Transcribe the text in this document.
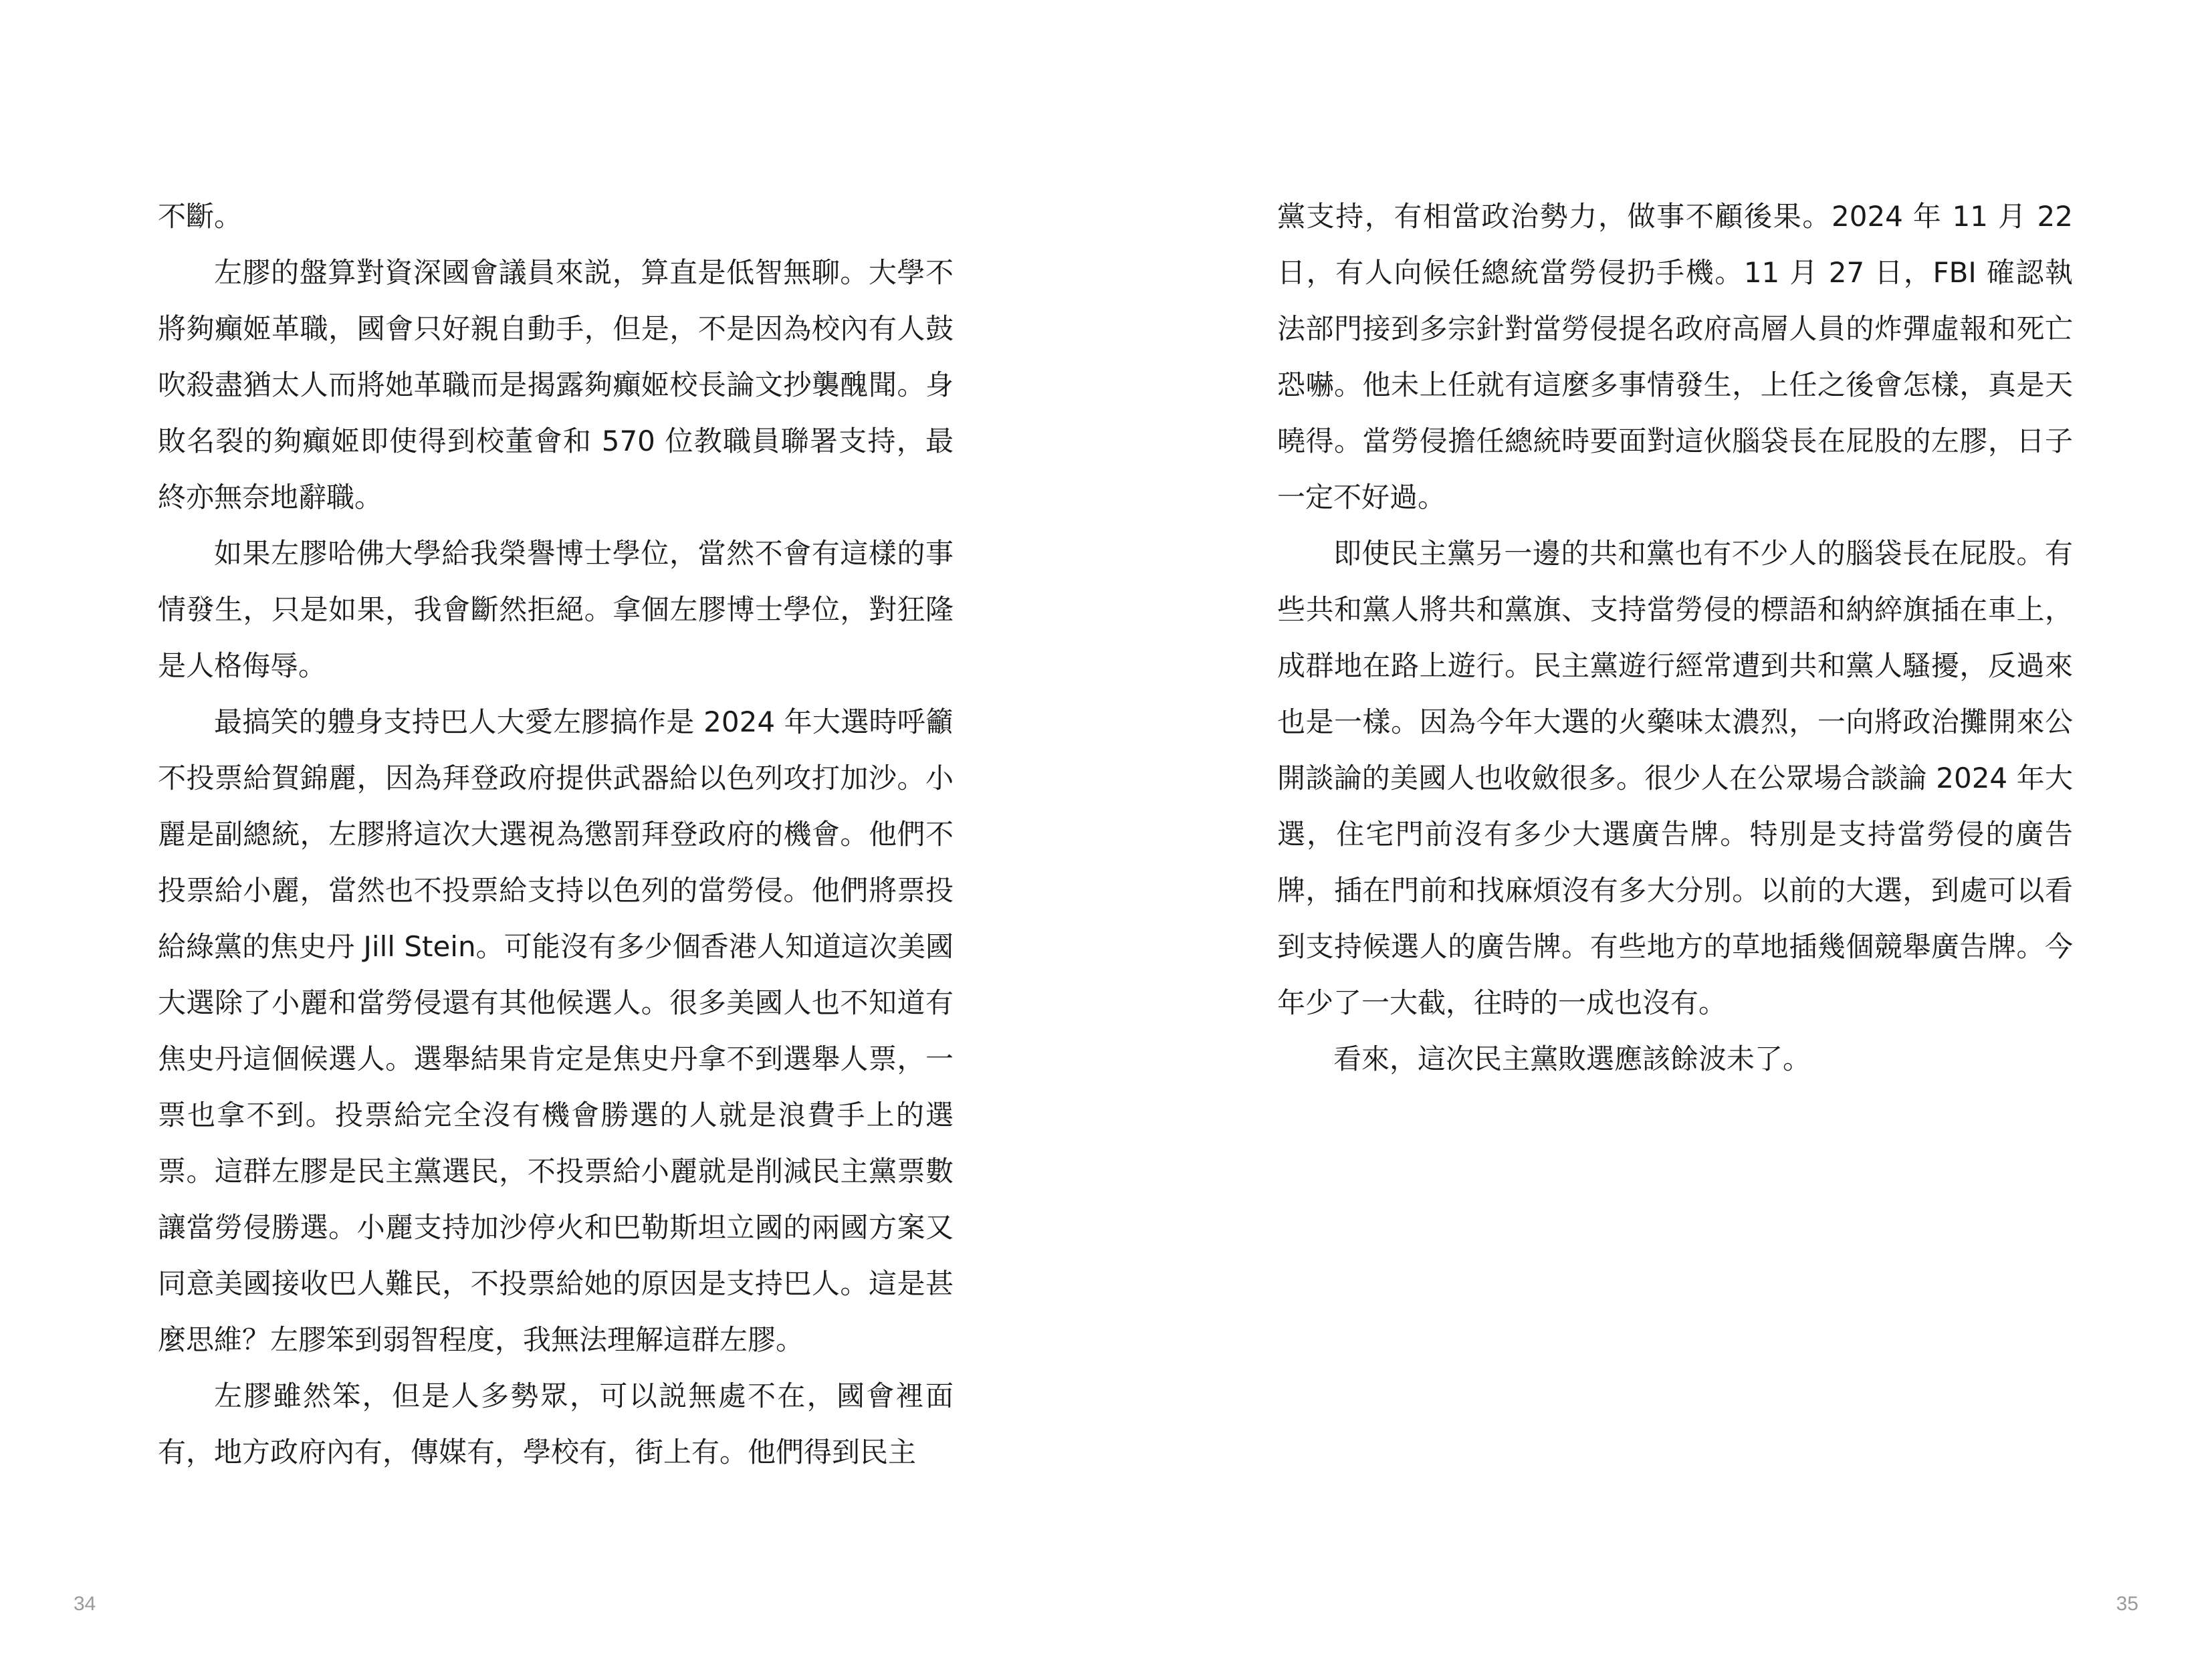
不斷。

左膠的盤算對資深國會議員來説，算直是低智無聊。大學不將夠癲姬革職，國會只好親自動手，但是，不是因為校內有人鼓吹殺盡猶太人而將她革職而是揭露夠癲姬校長論文抄襲醜聞。身敗名裂的夠癲姬即使得到校董會和 570 位教職員聯署支持，最終亦無奈地辭職。

如果左膠哈佛大學給我榮譽博士學位，當然不會有這樣的事情發生，只是如果，我會斷然拒絕。拿個左膠博士學位，對狂隆是人格侮辱。

最搞笑的軆身支持巴人大愛左膠搞作是 2024 年大選時呼籲不投票給賀錦麗，因為拜登政府提供武器給以色列攻打加沙。小麗是副總統，左膠將這次大選視為懲罰拜登政府的機會。他們不投票給小麗，當然也不投票給支持以色列的當勞侵。他們將票投給綠黨的焦史丹 Jill Stein。可能沒有多少個香港人知道這次美國大選除了小麗和當勞侵還有其他候選人。很多美國人也不知道有焦史丹這個候選人。選舉結果肯定是焦史丹拿不到選舉人票，一票也拿不到。投票給完全沒有機會勝選的人就是浪費手上的選票。這群左膠是民主黨選民，不投票給小麗就是削減民主黨票數讓當勞侵勝選。小麗支持加沙停火和巴勒斯坦立國的兩國方案又同意美國接收巴人難民，不投票給她的原因是支持巴人。這是甚麼思維？左膠笨到弱智程度，我無法理解這群左膠。

左膠雖然笨，但是人多勢眾，可以説無處不在，國會裡面有，地方政府內有，傳媒有，學校有，街上有。他們得到民主

34

黨支持，有相當政治勢力，做事不顧後果。2024 年 11 月 22 日，有人向候任總統當勞侵扔手機。11 月 27 日，FBI 確認執法部門接到多宗針對當勞侵提名政府高層人員的炸彈虛報和死亡恐嚇。他未上任就有這麼多事情發生，上任之後會怎樣，真是天曉得。當勞侵擔任總統時要面對這伙腦袋長在屁股的左膠，日子一定不好過。

即使民主黨另一邊的共和黨也有不少人的腦袋長在屁股。有些共和黨人將共和黨旗、支持當勞侵的標語和納綷旗插在車上，成群地在路上遊行。民主黨遊行經常遭到共和黨人騷擾，反過來也是一樣。因為今年大選的火藥味太濃烈，一向將政治攤開來公開談論的美國人也收斂很多。很少人在公眾場合談論 2024 年大選，住宅門前沒有多少大選廣告牌。特別是支持當勞侵的廣告牌，插在門前和找麻煩沒有多大分別。以前的大選，到處可以看到支持候選人的廣告牌。有些地方的草地插幾個競舉廣告牌。今年少了一大截，往時的一成也沒有。

看來，這次民主黨敗選應該餘波未了。

35
